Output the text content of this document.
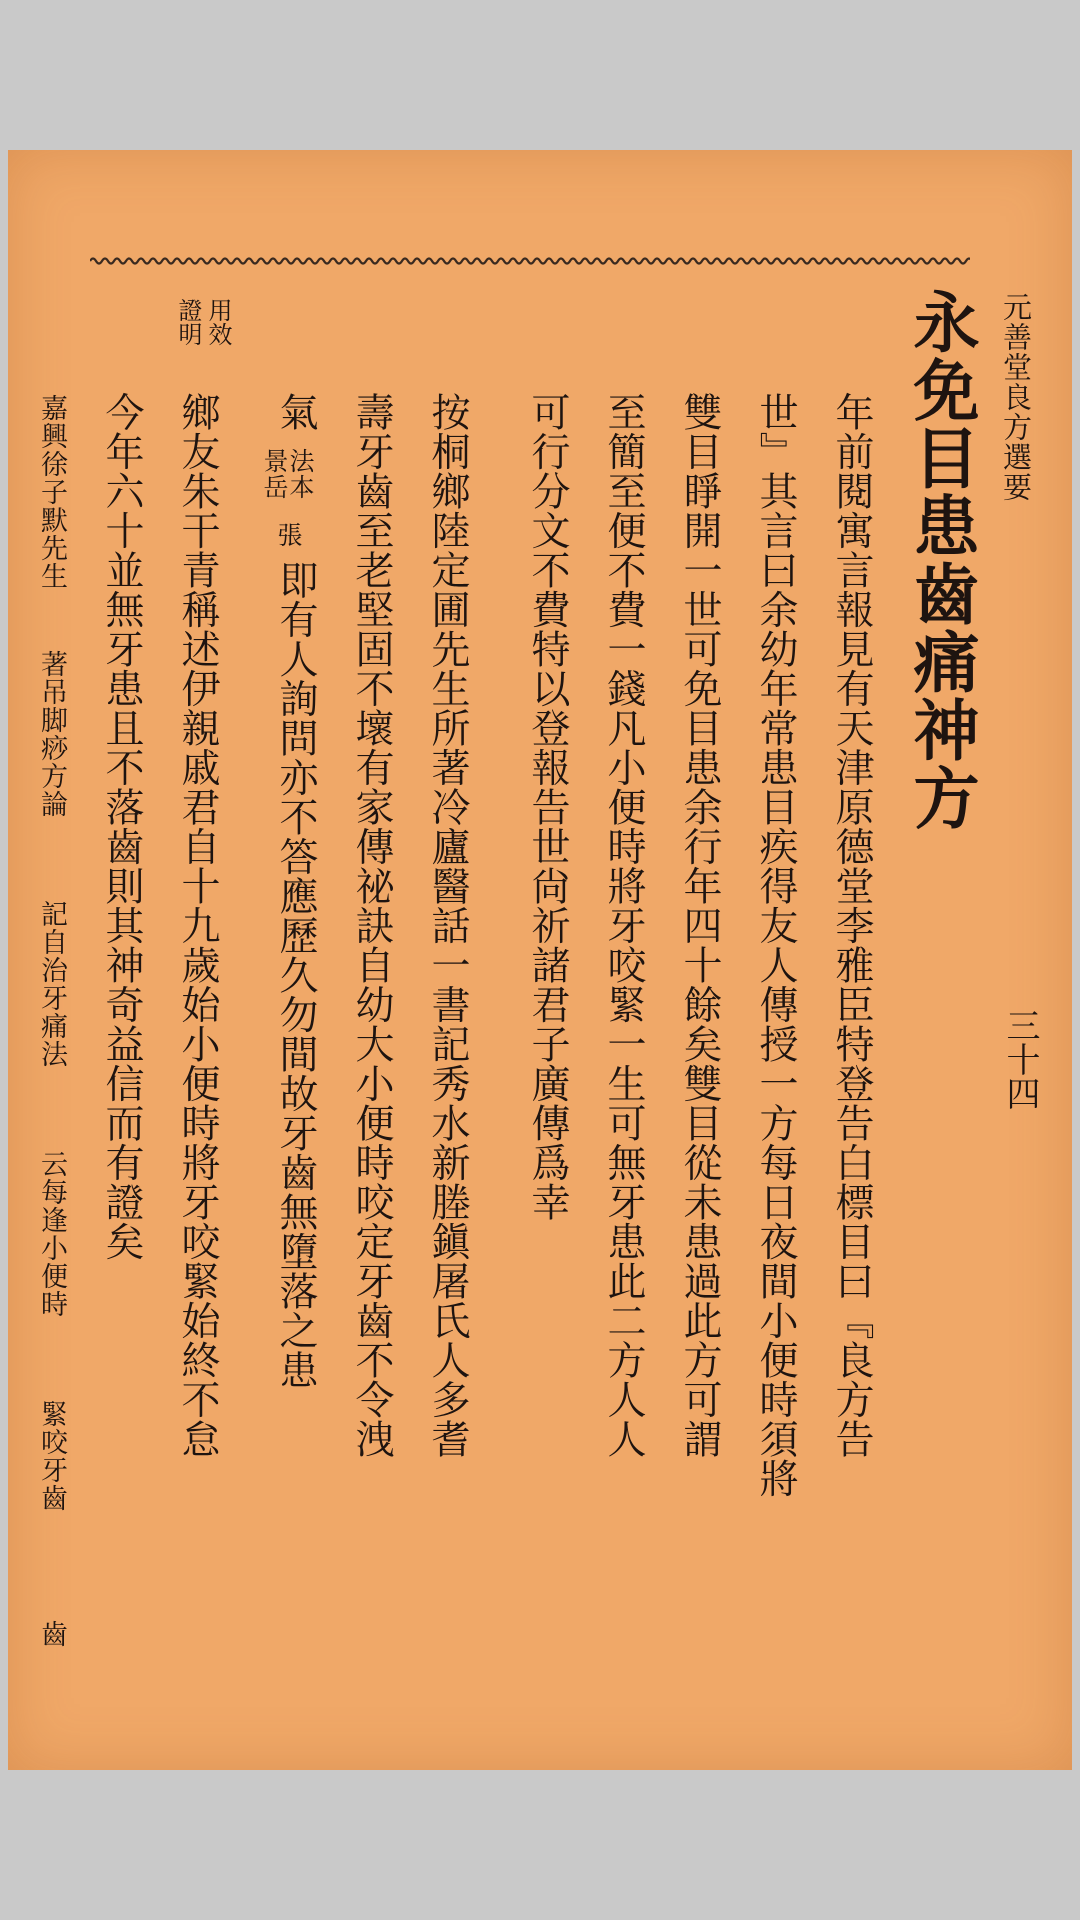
元善堂良方選要
三十四
永免目患齒痛神方
年前閱寓言報見有天津原德堂李雅臣特登告白標目曰『良方告
世』其言曰余幼年常患目疾得友人傳授一方每日夜間小便時須將
雙目睜開一世可免目患余行年四十餘矣雙目從未患過此方可謂
至簡至便不費一錢凡小便時將牙咬緊一生可無牙患此二方人人
可行分文不費特以登報告世尙祈諸君子廣傳爲幸
按桐鄉陸定圃先生所著冷廬醫話一書記秀水新塍鎭屠氏人多耆
壽牙齒至老堅固不壞有家傳祕訣自幼大小便時咬定牙齒不令洩
氣
法本
景岳
張
即有人詢問亦不答應歷久勿間故牙齒無墮落之患
用效
證明
鄉友朱干青稱述伊親戚君自十九歲始小便時將牙咬緊始終不怠
今年六十並無牙患且不落齒則其神奇益信而有證矣
嘉興徐子默先生
著吊脚痧方論
記自治牙痛法
云每逢小便時
緊咬牙齒
齒
